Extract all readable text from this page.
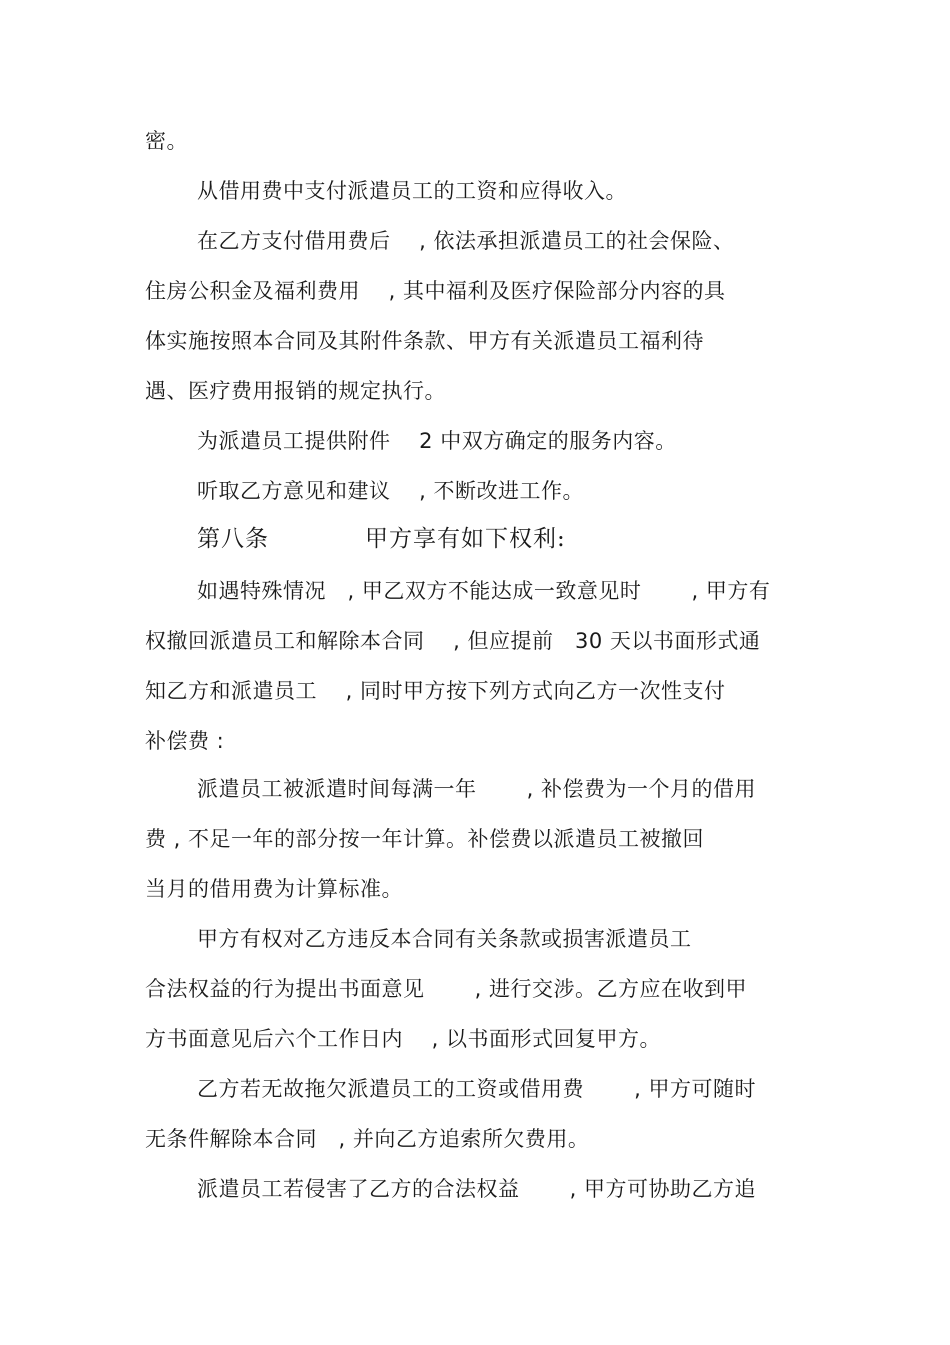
密。
从借用费中支付派遣员工的工资和应得收入。
在乙方支付借用费后　 , 依法承担派遣员工的社会保险、
住房公积金及福利费用　 , 其中福利及医疗保险部分内容的具
体实施按照本合同及其附件条款、甲方有关派遣员工福利待
遇、医疗费用报销的规定执行。
为派遣员工提供附件　 2 中双方确定的服务内容。
听取乙方意见和建议　 , 不断改进工作。
第八条　　　　甲方享有如下权利:
如遇特殊情况　, 甲乙双方不能达成一致意见时　　 , 甲方有
权撤回派遣员工和解除本合同　 , 但应提前　30 天以书面形式通
知乙方和派遣员工　 , 同时甲方按下列方式向乙方一次性支付
补偿费 :
派遣员工被派遣时间每满一年　　 , 补偿费为一个月的借用
费 , 不足一年的部分按一年计算。补偿费以派遣员工被撤回
当月的借用费为计算标准。
甲方有权对乙方违反本合同有关条款或损害派遣员工
合法权益的行为提出书面意见　　 , 进行交涉。乙方应在收到甲
方书面意见后六个工作日内　 , 以书面形式回复甲方。
乙方若无故拖欠派遣员工的工资或借用费　　 , 甲方可随时
无条件解除本合同　, 并向乙方追索所欠费用。
派遣员工若侵害了乙方的合法权益　　 , 甲方可协助乙方追
